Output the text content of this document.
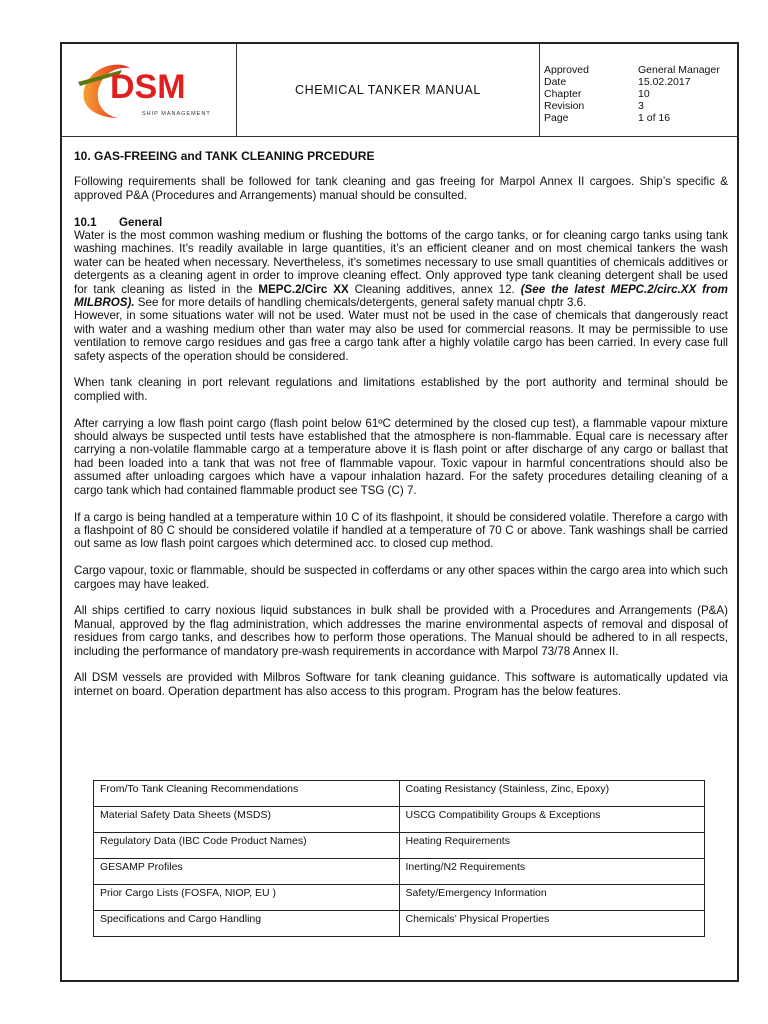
DSM
SHIP MANAGEMENT
CHEMICAL TANKER MANUAL
Approved	General Manager
Date	15.02.2017
Chapter	10
Revision	3
Page	1 of 16

10. GAS-FREEING and TANK CLEANING PRCEDURE

Following requirements shall be followed for tank cleaning and gas freeing for Marpol Annex II cargoes. Ship’s specific & approved P&A (Procedures and Arrangements) manual should be consulted.

10.1 General

Water is the most common washing medium or flushing the bottoms of the cargo tanks, or for cleaning cargo tanks using tank washing machines. It’s readily available in large quantities, it’s an efficient cleaner and on most chemical tankers the wash water can be heated when necessary. Nevertheless, it’s sometimes necessary to use small quantities of chemicals additives or detergents as a cleaning agent in order to improve cleaning effect. Only approved type tank cleaning detergent shall be used for tank cleaning as listed in the MEPC.2/Circ XX Cleaning additives, annex 12. (See the latest MEPC.2/circ.XX from MILBROS). See for more details of handling chemicals/detergents, general safety manual chptr 3.6.

However, in some situations water will not be used. Water must not be used in the case of chemicals that dangerously react with water and a washing medium other than water may also be used for commercial reasons. It may be permissible to use ventilation to remove cargo residues and gas free a cargo tank after a highly volatile cargo has been carried. In every case full safety aspects of the operation should be considered.

When tank cleaning in port relevant regulations and limitations established by the port authority and terminal should be complied with.

After carrying a low flash point cargo (flash point below 61ºC determined by the closed cup test), a flammable vapour mixture should always be suspected until tests have established that the atmosphere is non-flammable. Equal care is necessary after carrying a non-volatile flammable cargo at a temperature above it is flash point or after discharge of any cargo or ballast that had been loaded into a tank that was not free of flammable vapour. Toxic vapour in harmful concentrations should also be assumed after unloading cargoes which have a vapour inhalation hazard. For the safety procedures detailing cleaning of a cargo tank which had contained flammable product see TSG (C) 7.

If a cargo is being handled at a temperature within 10 C of its flashpoint, it should be considered volatile. Therefore a cargo with a flashpoint of 80 C should be considered volatile if handled at a temperature of 70 C or above. Tank washings shall be carried out same as low flash point cargoes which determined acc. to closed cup method.

Cargo vapour, toxic or flammable, should be suspected in cofferdams or any other spaces within the cargo area into which such cargoes may have leaked.

All ships certified to carry noxious liquid substances in bulk shall be provided with a Procedures and Arrangements (P&A) Manual, approved by the flag administration, which addresses the marine environmental aspects of removal and disposal of residues from cargo tanks, and describes how to perform those operations. The Manual should be adhered to in all respects, including the performance of mandatory pre-wash requirements in accordance with Marpol 73/78 Annex II.

All DSM vessels are provided with Milbros Software for tank cleaning guidance. This software is automatically updated via internet on board. Operation department has also access to this program. Program has the below features.

From/To Tank Cleaning Recommendations	Coating Resistancy (Stainless, Zinc, Epoxy)
Material Safety Data Sheets (MSDS)	USCG Compatibility Groups & Exceptions
Regulatory Data (IBC Code Product Names)	Heating Requirements
GESAMP Profiles	Inerting/N2 Requirements
Prior Cargo Lists (FOSFA, NIOP, EU )	Safety/Emergency Information
Specifications and Cargo Handling	Chemicals’ Physical Properties
